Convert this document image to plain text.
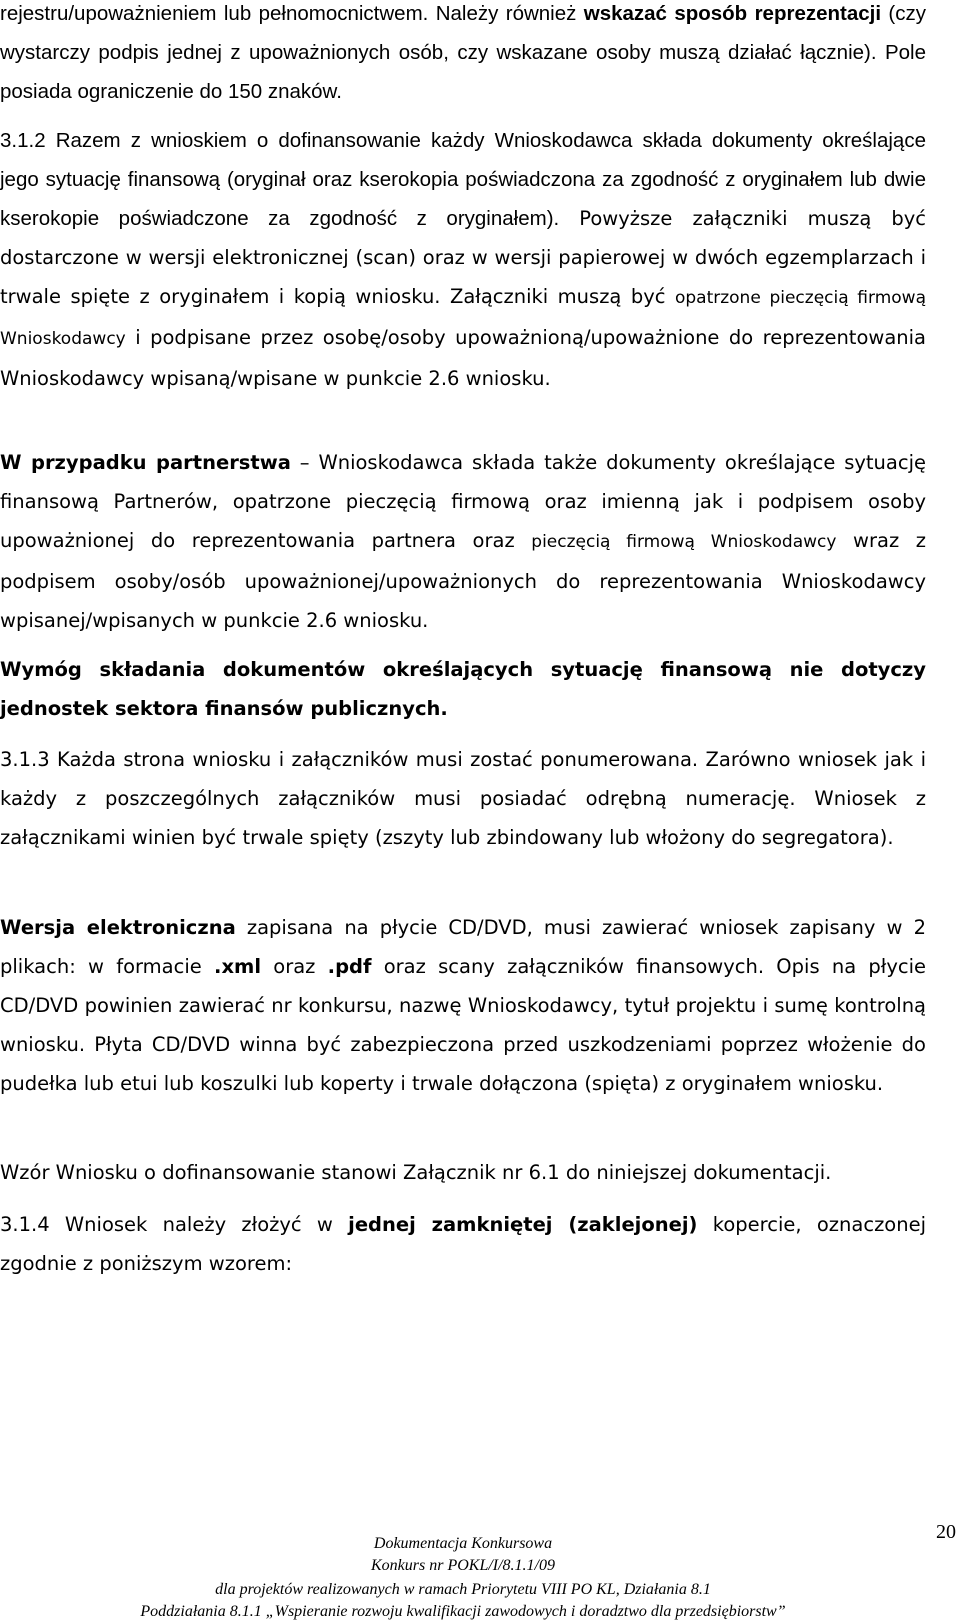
rejestru/upoważnieniem lub pełnomocnictwem. Należy również wskazać sposób reprezentacji (czy wystarczy podpis jednej z upoważnionych osób, czy wskazane osoby muszą działać łącznie). Pole posiada ograniczenie do 150 znaków.
3.1.2 Razem z wnioskiem o dofinansowanie każdy Wnioskodawca składa dokumenty określające jego sytuację finansową (oryginał oraz kserokopia poświadczona za zgodność z oryginałem lub dwie kserokopie poświadczone za zgodność z oryginałem). Powyższe załączniki muszą być dostarczone w wersji elektronicznej (scan) oraz w wersji papierowej w dwóch egzemplarzach i trwale spięte z oryginałem i kopią wniosku. Załączniki muszą być opatrzone pieczęcią firmową Wnioskodawcy i podpisane przez osobę/osoby upoważnioną/upoważnione do reprezentowania Wnioskodawcy wpisaną/wpisane w punkcie 2.6 wniosku.
W przypadku partnerstwa – Wnioskodawca składa także dokumenty określające sytuację finansową Partnerów, opatrzone pieczęcią firmową oraz imienną jak i podpisem osoby upoważnionej do reprezentowania partnera oraz pieczęcią firmową Wnioskodawcy wraz z podpisem osoby/osób upoważnionej/upoważnionych do reprezentowania Wnioskodawcy wpisanej/wpisanych w punkcie 2.6 wniosku.
Wymóg składania dokumentów określających sytuację finansową nie dotyczy jednostek sektora finansów publicznych.
3.1.3 Każda strona wniosku i załączników musi zostać ponumerowana. Zarówno wniosek jak i każdy z poszczególnych załączników musi posiadać odrębną numerację. Wniosek z załącznikami winien być trwale spięty (zszyty lub zbindowany lub włożony do segregatora).
Wersja elektroniczna zapisana na płycie CD/DVD, musi zawierać wniosek zapisany w 2 plikach: w formacie .xml oraz .pdf oraz scany załączników finansowych. Opis na płycie CD/DVD powinien zawierać nr konkursu, nazwę Wnioskodawcy, tytuł projektu i sumę kontrolną wniosku. Płyta CD/DVD winna być zabezpieczona przed uszkodzeniami poprzez włożenie do pudełka lub etui lub koszulki lub koperty i trwale dołączona (spięta) z oryginałem wniosku.
Wzór Wniosku o dofinansowanie stanowi Załącznik nr 6.1 do niniejszej dokumentacji.
3.1.4 Wniosek należy złożyć w jednej zamkniętej (zaklejonej) kopercie, oznaczonej zgodnie z poniższym wzorem:
20
Dokumentacja Konkursowa
Konkurs nr POKL/I/8.1.1/09
dla projektów realizowanych w ramach Priorytetu VIII PO KL, Działania 8.1
Poddziałania 8.1.1 „Wspieranie rozwoju kwalifikacji zawodowych i doradztwo dla przedsiębiorstw”
